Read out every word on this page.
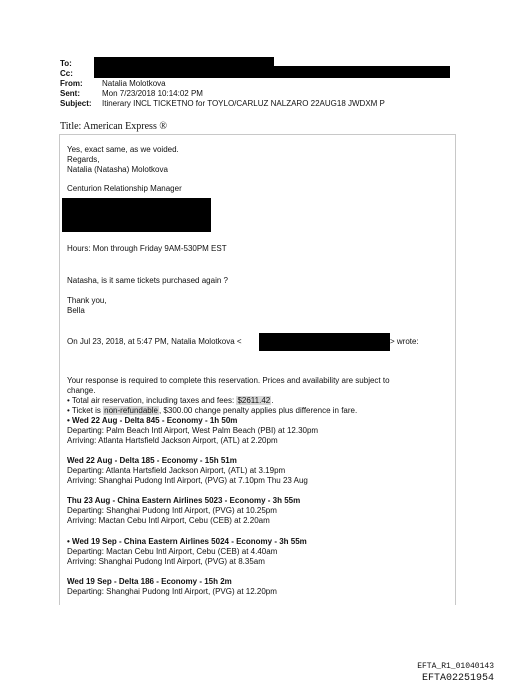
To:
Cc:
From: Natalia Molotkova
Sent:	Mon 7/23/2018 10:14:02 PM
Subject: Itinerary INCL TICKETNO for TOYLO/CARLUZ NALZARO 22AUG18 JWDXM P
Title: American Express ®
Yes, exact same, as we voided.
Regards,
Natalia (Natasha) Molotkova
Centurion Relationship Manager
Hours: Mon through Friday 9AM-530PM EST
Natasha, is it same tickets purchased again ?
Thank you,
Bella
On Jul 23, 2018, at 5:47 PM, Natalia Molotkova <	> wrote:
Your response is required to complete this reservation. Prices and availability are subject to
change.
• Total air reservation, including taxes and fees: $2611.42.
• Ticket is non-refundable, $300.00 change penalty applies plus difference in fare.
• Wed 22 Aug - Delta 845 - Economy - 1h 50m
Departing: Palm Beach Intl Airport, West Palm Beach (PBI) at 12.30pm
Arriving: Atlanta Hartsfield Jackson Airport, (ATL) at 2.20pm
Wed 22 Aug - Delta 185 - Economy - 15h 51m
Departing: Atlanta Hartsfield Jackson Airport, (ATL) at 3.19pm
Arriving: Shanghai Pudong Intl Airport, (PVG) at 7.10pm Thu 23 Aug
Thu 23 Aug - China Eastern Airlines 5023 - Economy - 3h 55m
Departing: Shanghai Pudong Intl Airport, (PVG) at 10.25pm
Arriving: Mactan Cebu Intl Airport, Cebu (CEB) at 2.20am
• Wed 19 Sep - China Eastern Airlines 5024 - Economy - 3h 55m
Departing: Mactan Cebu Intl Airport, Cebu (CEB) at 4.40am
Arriving: Shanghai Pudong Intl Airport, (PVG) at 8.35am
Wed 19 Sep - Delta 186 - Economy - 15h 2m
Departing: Shanghai Pudong Intl Airport, (PVG) at 12.20pm
EFTA_R1_01040143
EFTA02251954
